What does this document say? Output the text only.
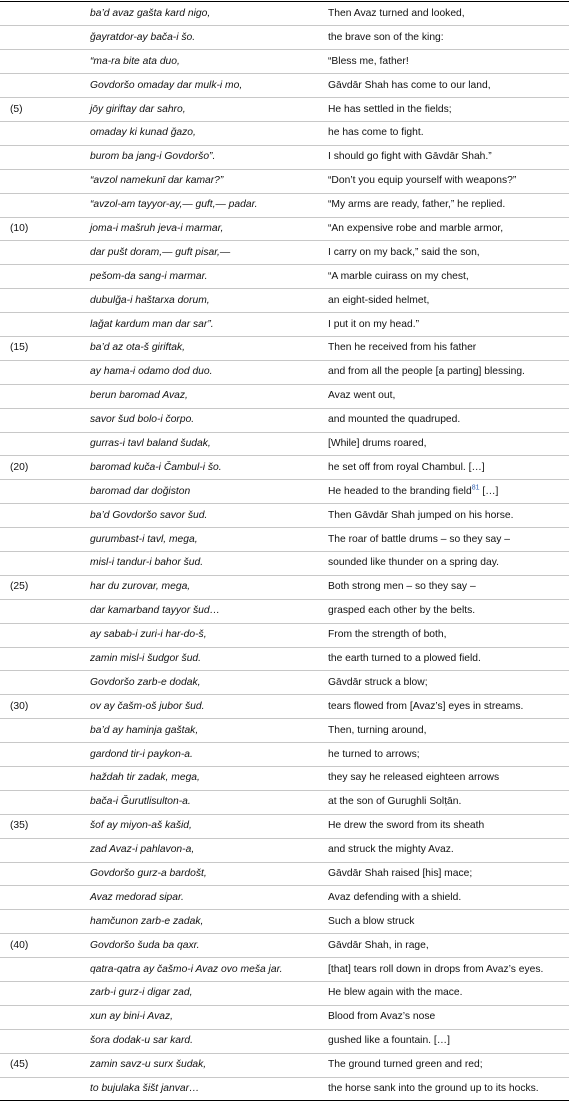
	ba’d avaz gašta kard nigo,	Then Avaz turned and looked,
	ğayratdor-ay bača-i šo.	the brave son of the king:
	“ma-ra bite ata duо,	“Bless me, father!
	Govdoršо omaday dar mulk-i mo,	Gāvdār Shah has come to our land,
(5)	jо̄y giriftay dar sahro,	He has settled in the fields;
	omaday ki kunad ğazо,	he has come to fight.
	burоm ba jang-i Govdoršо”.	I should go fight with Gāvdār Shah.”
	“avzol namekunī dar kamar?”	“Don’t you equip yourself with weapons?”
	“avzol-am tayyor-ay,— guft,— padar.	“My arms are ready, father,” he replied.
(10)	jоma-i mašruh jeva-i marmar,	“An expensive robe and marble armor,
	dar pušt doram,— guft pisar,—	I carry on my back,” said the son,
	pešom-da sang-i marmar.	“A marble cuirass on my chest,
	dubulğa-i haštarxa dorum,	an eight-sided helmet,
	lağat kardum man dar sar”.	I put it on my head.”
(15)	ba’d az ota-š giriftak,	Then he received from his father
	ay hama-i odamo dod duо.	and from all the people [a parting] blessing.
	berun baromad Avaz,	Avaz went out,
	savor šud bolo-i čorpo.	and mounted the quadruped.
	gurras-i tavl baland šudak,	[While] drums roared,
(20)	baromad kuča-i Čambul-i šo.	he set off from royal Chambul. […]
	barоmad dar doğiston	He headed to the branding field$^{81}$ […]
	ba’d Govdoršо savоr šud.	Then Gāvdār Shah jumped on his horse.
	gurumbast-i tavl, mega,	The roar of battle drums – so they say –
	misl-i tandur-i bahor šud.	sounded like thunder on a spring day.
(25)	har du zurovar, mega,	Both strong men – so they say –
	dar kamarbаnd tayyor šud…	grasped each other by the belts.
	ay sabab-i zuri-i har-do-š,	From the strength of both,
	zamin misl-i šudgоr šud.	the earth turned to a plowed field.
	Govdoršо zarb-e dodak,	Gāvdār struck a blow;
(30)	ov ay čašm-oš jubor šud.	tears flowed from [Avaz’s] eyes in streams.
	ba’d ay haminja gaštak,	Then, turning around,
	gardond tir-i paykon-a.	he turned to arrows;
	haždah tir zadak, mega,	they say he released eighteen arrows
	bača-i Ğurutlisulton-a.	at the son of Gurughli Solṭān.
(35)	šof ay miyon-aš kašid,	He drew the sword from its sheath
	zad Avaz-i pahlavon-a,	and struck the mighty Avaz.
	Govdoršо gurz-a bardošt,	Gāvdār Shah raised [his] mace;
	Avaz medorad sipar.	Avaz defending with a shield.
	hamčunon zarb-e zadak,	Such a blow struck
(40)	Govdoršо šuda ba qaxr.	Gāvdār Shah, in rage,
	qatra-qatra ay čašmo-i Avaz ovo meša jar.	[that] tears roll down in drops from Avaz’s eyes.
	zarb-i gurz-i digar zad,	He blew again with the mace.
	xun ay bini-i Avaz,	Blood from Avaz’s nose
	šora dodak-u sar kard.	gushed like a fountain. […]
(45)	zamin savz-u surx šudak,	The ground turned green and red;
	to bujulaka šišt janvar…	the horse sank into the ground up to its hocks.
